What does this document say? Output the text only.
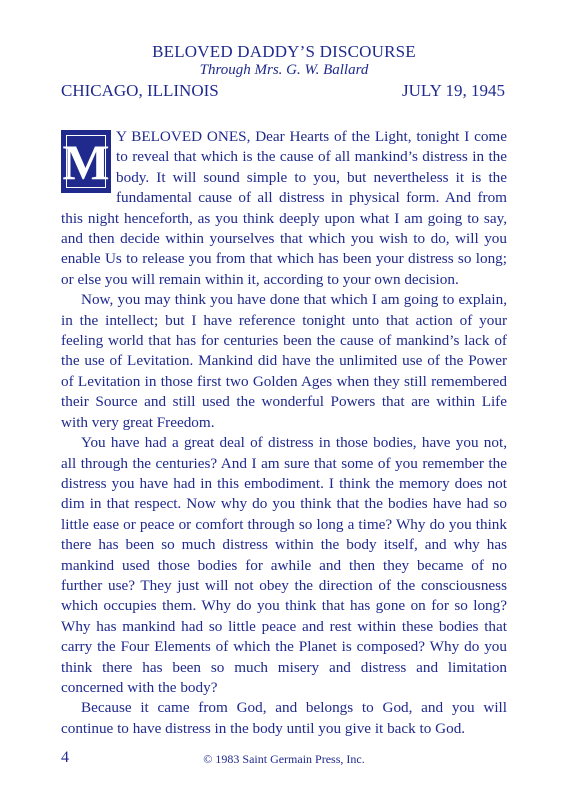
BELOVED DADDY’S DISCOURSE
Through Mrs. G. W. Ballard
CHICAGO, ILLINOIS	JULY 19, 1945

M Y BELOVED ONES, Dear Hearts of the Light, tonight I come to reveal that which is the cause of all mankind’s distress in the body. It will sound simple to you, but nevertheless it is the fundamental cause of all distress in physical form. And from this night henceforth, as you think deeply upon what I am going to say, and then decide within yourselves that which you wish to do, will you enable Us to release you from that which has been your distress so long; or else you will remain within it, according to your own decision.

Now, you may think you have done that which I am going to explain, in the intellect; but I have reference tonight unto that action of your feeling world that has for centuries been the cause of mankind’s lack of the use of Levitation. Mankind did have the unlimited use of the Power of Levitation in those first two Golden Ages when they still remembered their Source and still used the wonderful Powers that are within Life with very great Freedom.

You have had a great deal of distress in those bodies, have you not, all through the centuries? And I am sure that some of you remember the distress you have had in this embodiment. I think the memory does not dim in that respect. Now why do you think that the bodies have had so little ease or peace or comfort through so long a time? Why do you think there has been so much distress within the body itself, and why has mankind used those bodies for awhile and then they became of no further use? They just will not obey the direction of the consciousness which occupies them. Why do you think that has gone on for so long? Why has mankind had so little peace and rest within these bodies that carry the Four Elements of which the Planet is composed? Why do you think there has been so much misery and distress and limitation concerned with the body?

Because it came from God, and belongs to God, and you will continue to have distress in the body until you give it back to God.

4	© 1983 Saint Germain Press, Inc.
